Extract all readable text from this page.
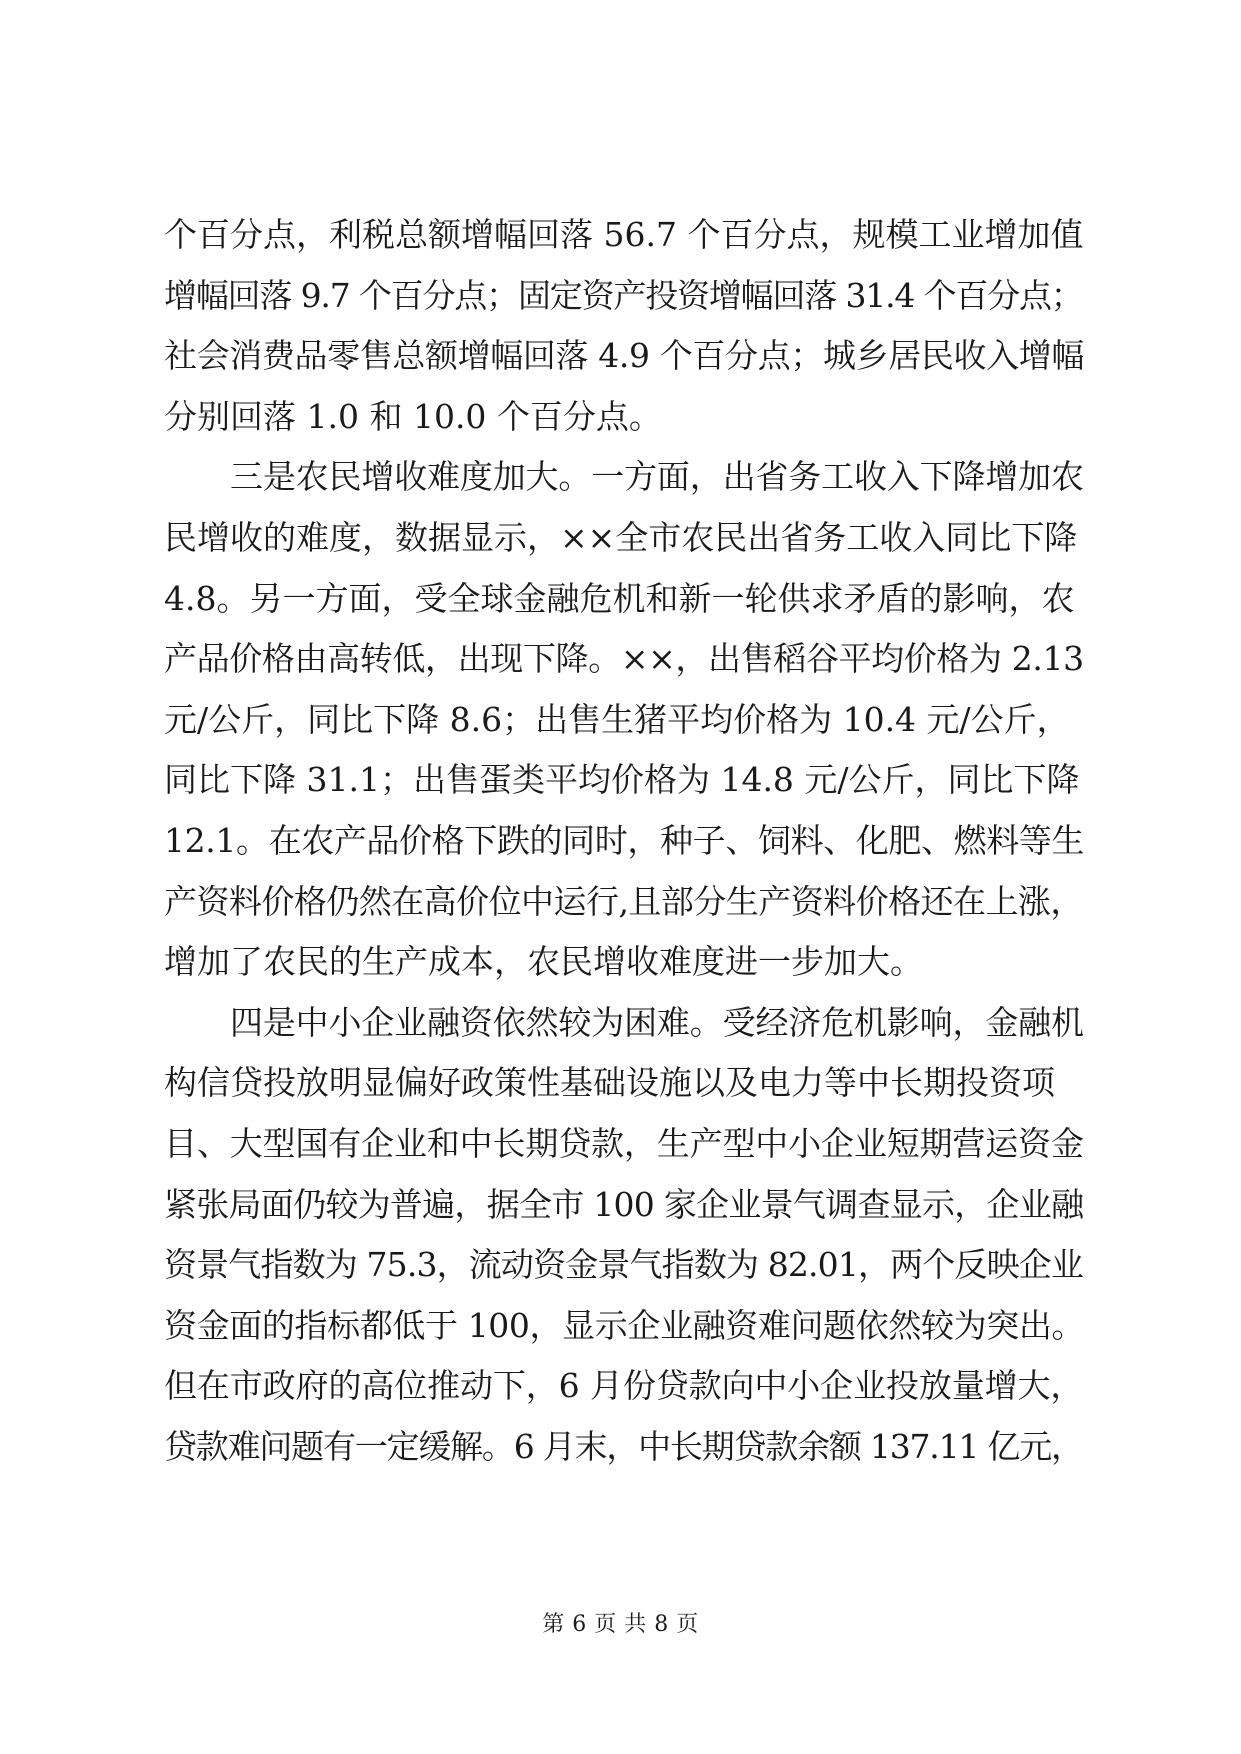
个百分点，利税总额增幅回落 56.7 个百分点，规模工业增加值
增幅回落 9.7 个百分点；固定资产投资增幅回落 31.4 个百分点；
社会消费品零售总额增幅回落 4.9 个百分点；城乡居民收入增幅
分别回落 1.0 和 10.0 个百分点。
三是农民增收难度加大。一方面，出省务工收入下降增加农
民增收的难度，数据显示，××全市农民出省务工收入同比下降
4.8。另一方面，受全球金融危机和新一轮供求矛盾的影响，农
产品价格由高转低，出现下降。××，出售稻谷平均价格为 2.13
元/公斤，同比下降 8.6；出售生猪平均价格为 10.4 元/公斤，
同比下降 31.1；出售蛋类平均价格为 14.8 元/公斤，同比下降
12.1。在农产品价格下跌的同时，种子、饲料、化肥、燃料等生
产资料价格仍然在高价位中运行,且部分生产资料价格还在上涨，
增加了农民的生产成本，农民增收难度进一步加大。
四是中小企业融资依然较为困难。受经济危机影响，金融机
构信贷投放明显偏好政策性基础设施以及电力等中长期投资项
目、大型国有企业和中长期贷款，生产型中小企业短期营运资金
紧张局面仍较为普遍，据全市 100 家企业景气调查显示，企业融
资景气指数为 75.3，流动资金景气指数为 82.01，两个反映企业
资金面的指标都低于 100，显示企业融资难问题依然较为突出。
但在市政府的高位推动下，6 月份贷款向中小企业投放量增大，
贷款难问题有一定缓解。6 月末，中长期贷款余额 137.11 亿元，
第 6 页 共 8 页
